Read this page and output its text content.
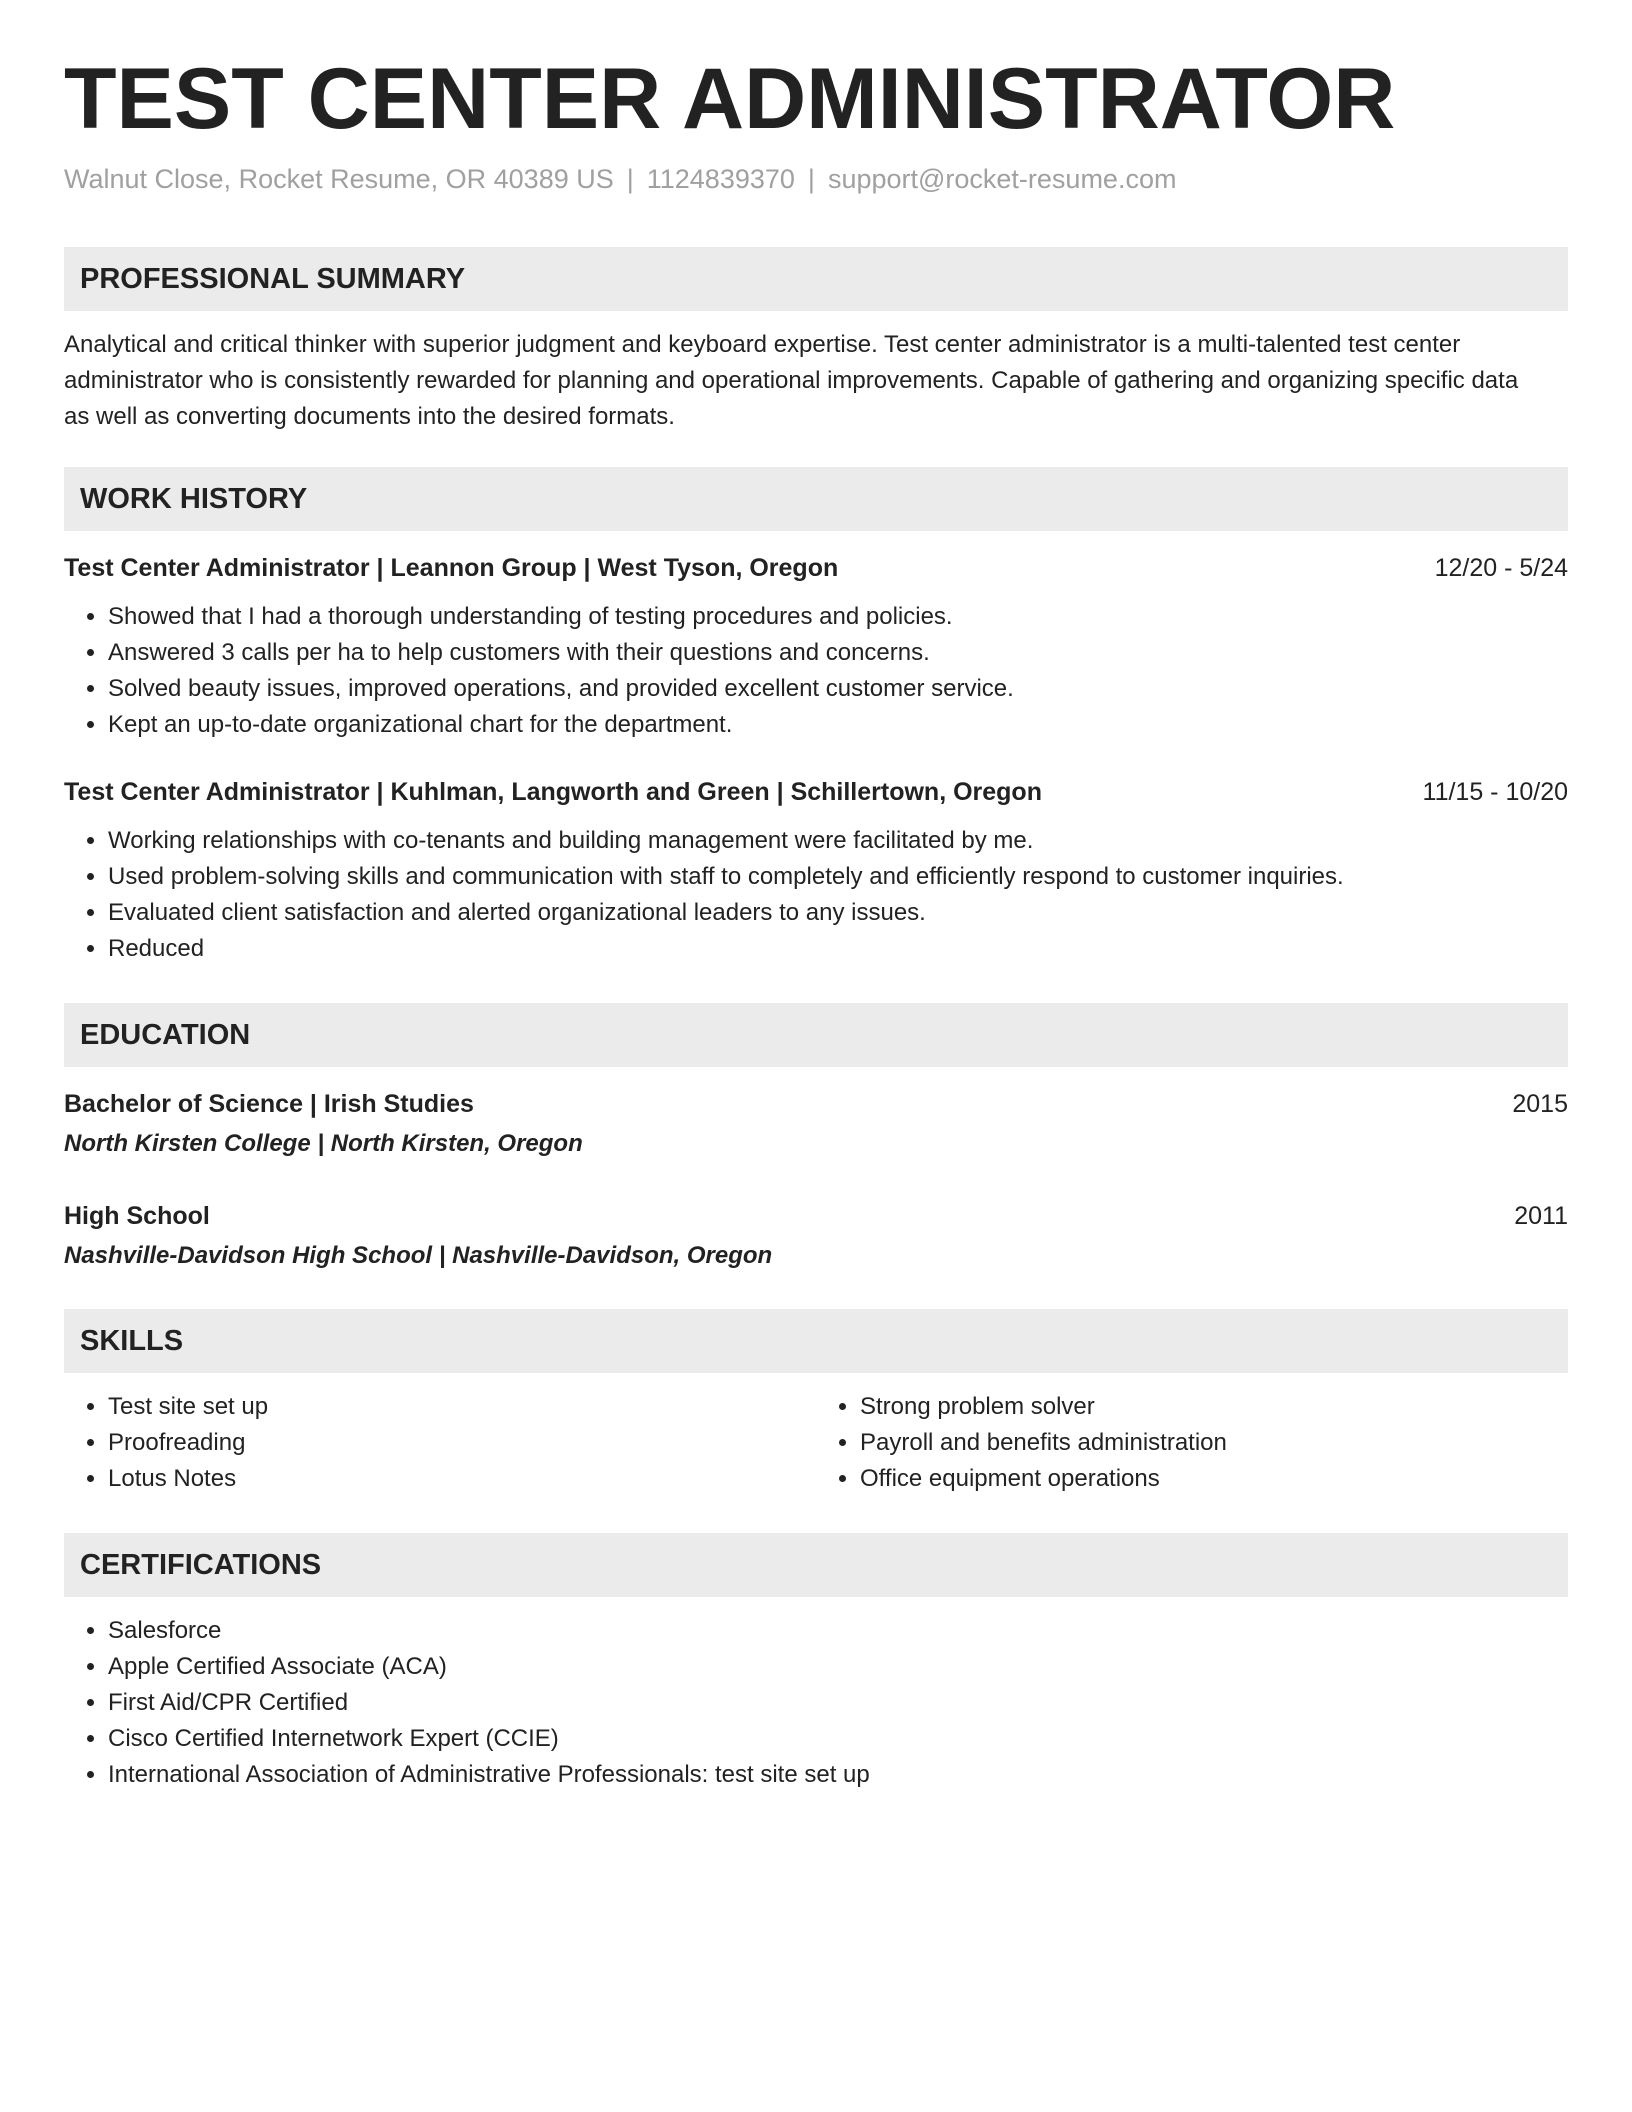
TEST CENTER ADMINISTRATOR
Walnut Close, Rocket Resume, OR 40389 US | 1124839370 | support@rocket-resume.com
PROFESSIONAL SUMMARY
Analytical and critical thinker with superior judgment and keyboard expertise. Test center administrator is a multi-talented test center administrator who is consistently rewarded for planning and operational improvements. Capable of gathering and organizing specific data as well as converting documents into the desired formats.
WORK HISTORY
Test Center Administrator | Leannon Group | West Tyson, Oregon	12/20 - 5/24
• Showed that I had a thorough understanding of testing procedures and policies.
• Answered 3 calls per ha to help customers with their questions and concerns.
• Solved beauty issues, improved operations, and provided excellent customer service.
• Kept an up-to-date organizational chart for the department.
Test Center Administrator | Kuhlman, Langworth and Green | Schillertown, Oregon	11/15 - 10/20
• Working relationships with co-tenants and building management were facilitated by me.
• Used problem-solving skills and communication with staff to completely and efficiently respond to customer inquiries.
• Evaluated client satisfaction and alerted organizational leaders to any issues.
• Reduced
EDUCATION
Bachelor of Science | Irish Studies	2015
North Kirsten College | North Kirsten, Oregon
High School	2011
Nashville-Davidson High School | Nashville-Davidson, Oregon
SKILLS
• Test site set up
• Proofreading
• Lotus Notes
• Strong problem solver
• Payroll and benefits administration
• Office equipment operations
CERTIFICATIONS
• Salesforce
• Apple Certified Associate (ACA)
• First Aid/CPR Certified
• Cisco Certified Internetwork Expert (CCIE)
• International Association of Administrative Professionals: test site set up
